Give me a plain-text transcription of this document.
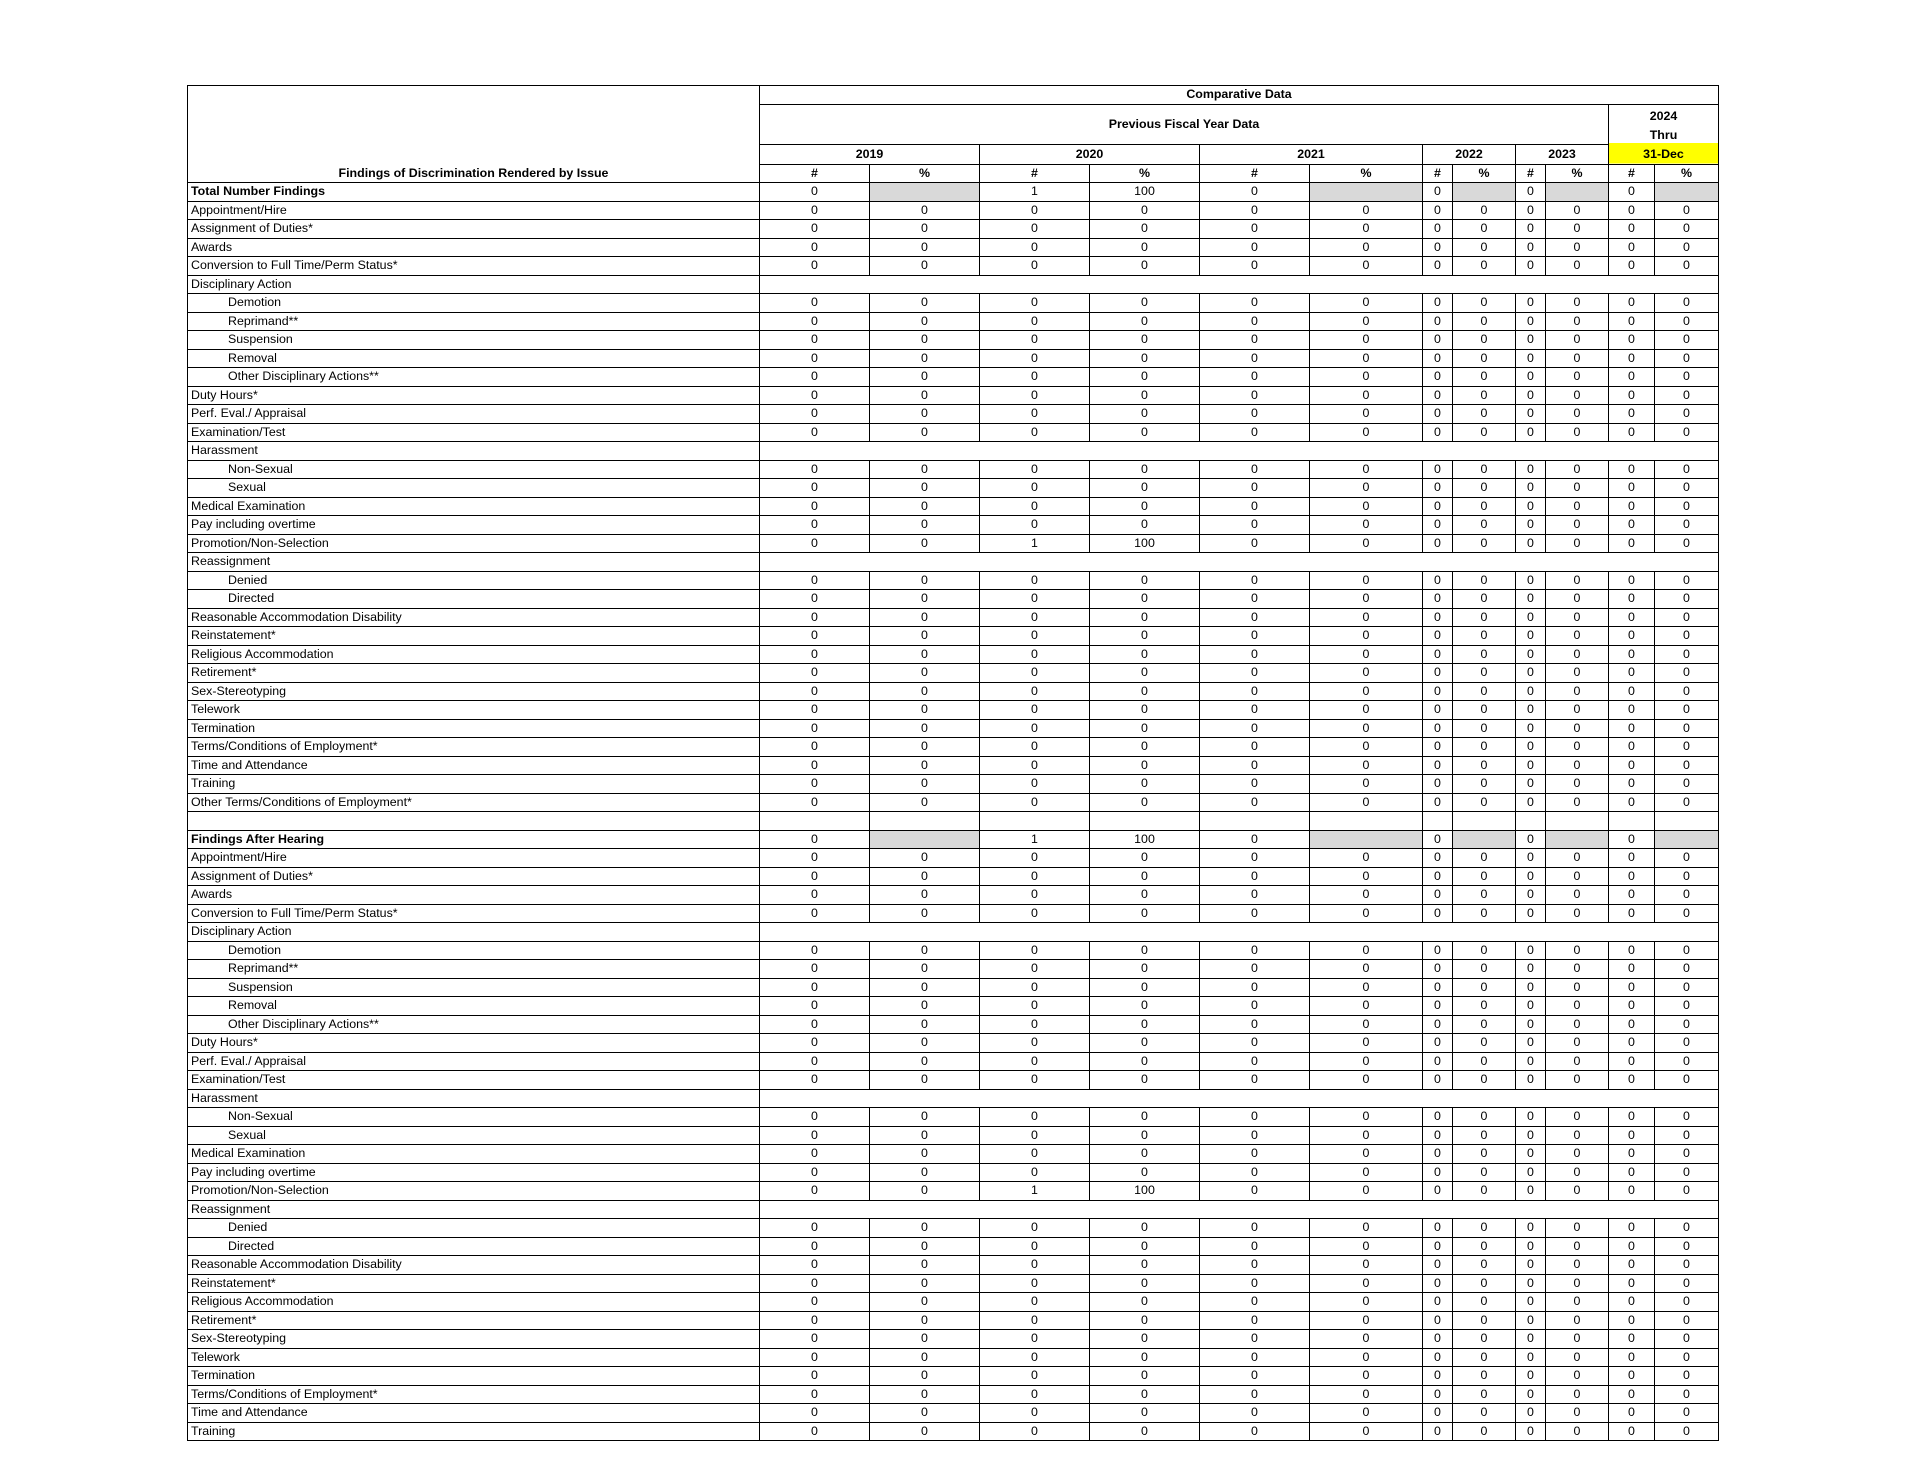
Findings of Discrimination Rendered by Issue	Comparative Data											
	Previous Fiscal Year Data										2024
Thru
31-Dec	

	2019		2020		2021		2022		2023			
	#	%	#	%	#	%	#	%	#	%	#	%
Total Number Findings	0		1	100	0		0		0		0	
Appointment/Hire	0	0	0	0	0	0	0	0	0	0	0	0
Assignment of Duties*	0	0	0	0	0	0	0	0	0	0	0	0
Awards	0	0	0	0	0	0	0	0	0	0	0	0
Conversion to Full Time/Perm Status*	0	0	0	0	0	0	0	0	0	0	0	0
Disciplinary Action												
Demotion	0	0	0	0	0	0	0	0	0	0	0	0
Reprimand**	0	0	0	0	0	0	0	0	0	0	0	0
Suspension	0	0	0	0	0	0	0	0	0	0	0	0
Removal	0	0	0	0	0	0	0	0	0	0	0	0
Other Disciplinary Actions**	0	0	0	0	0	0	0	0	0	0	0	0
Duty Hours*	0	0	0	0	0	0	0	0	0	0	0	0
Perf. Eval./ Appraisal	0	0	0	0	0	0	0	0	0	0	0	0
Examination/Test	0	0	0	0	0	0	0	0	0	0	0	0
Harassment												
Non-Sexual	0	0	0	0	0	0	0	0	0	0	0	0
Sexual	0	0	0	0	0	0	0	0	0	0	0	0
Medical Examination	0	0	0	0	0	0	0	0	0	0	0	0
Pay including overtime	0	0	0	0	0	0	0	0	0	0	0	0
Promotion/Non-Selection	0	0	1	100	0	0	0	0	0	0	0	0
Reassignment												
Denied	0	0	0	0	0	0	0	0	0	0	0	0
Directed	0	0	0	0	0	0	0	0	0	0	0	0
Reasonable Accommodation Disability	0	0	0	0	0	0	0	0	0	0	0	0
Reinstatement*	0	0	0	0	0	0	0	0	0	0	0	0
Religious Accommodation	0	0	0	0	0	0	0	0	0	0	0	0
Retirement*	0	0	0	0	0	0	0	0	0	0	0	0
Sex-Stereotyping	0	0	0	0	0	0	0	0	0	0	0	0
Telework	0	0	0	0	0	0	0	0	0	0	0	0
Termination	0	0	0	0	0	0	0	0	0	0	0	0
Terms/Conditions of Employment*	0	0	0	0	0	0	0	0	0	0	0	0
Time and Attendance	0	0	0	0	0	0	0	0	0	0	0	0
Training	0	0	0	0	0	0	0	0	0	0	0	0
Other Terms/Conditions of Employment*	0	0	0	0	0	0	0	0	0	0	0	0

Findings After Hearing	0		1	100	0		0		0		0	
Appointment/Hire	0	0	0	0	0	0	0	0	0	0	0	0
Assignment of Duties*	0	0	0	0	0	0	0	0	0	0	0	0
Awards	0	0	0	0	0	0	0	0	0	0	0	0
Conversion to Full Time/Perm Status*	0	0	0	0	0	0	0	0	0	0	0	0
Disciplinary Action												
Demotion	0	0	0	0	0	0	0	0	0	0	0	0
Reprimand**	0	0	0	0	0	0	0	0	0	0	0	0
Suspension	0	0	0	0	0	0	0	0	0	0	0	0
Removal	0	0	0	0	0	0	0	0	0	0	0	0
Other Disciplinary Actions**	0	0	0	0	0	0	0	0	0	0	0	0
Duty Hours*	0	0	0	0	0	0	0	0	0	0	0	0
Perf. Eval./ Appraisal	0	0	0	0	0	0	0	0	0	0	0	0
Examination/Test	0	0	0	0	0	0	0	0	0	0	0	0
Harassment												
Non-Sexual	0	0	0	0	0	0	0	0	0	0	0	0
Sexual	0	0	0	0	0	0	0	0	0	0	0	0
Medical Examination	0	0	0	0	0	0	0	0	0	0	0	0
Pay including overtime	0	0	0	0	0	0	0	0	0	0	0	0
Promotion/Non-Selection	0	0	1	100	0	0	0	0	0	0	0	0
Reassignment												
Denied	0	0	0	0	0	0	0	0	0	0	0	0
Directed	0	0	0	0	0	0	0	0	0	0	0	0
Reasonable Accommodation Disability	0	0	0	0	0	0	0	0	0	0	0	0
Reinstatement*	0	0	0	0	0	0	0	0	0	0	0	0
Religious Accommodation	0	0	0	0	0	0	0	0	0	0	0	0
Retirement*	0	0	0	0	0	0	0	0	0	0	0	0
Sex-Stereotyping	0	0	0	0	0	0	0	0	0	0	0	0
Telework	0	0	0	0	0	0	0	0	0	0	0	0
Termination	0	0	0	0	0	0	0	0	0	0	0	0
Terms/Conditions of Employment*	0	0	0	0	0	0	0	0	0	0	0	0
Time and Attendance	0	0	0	0	0	0	0	0	0	0	0	0
Training	0	0	0	0	0	0	0	0	0	0	0	0
